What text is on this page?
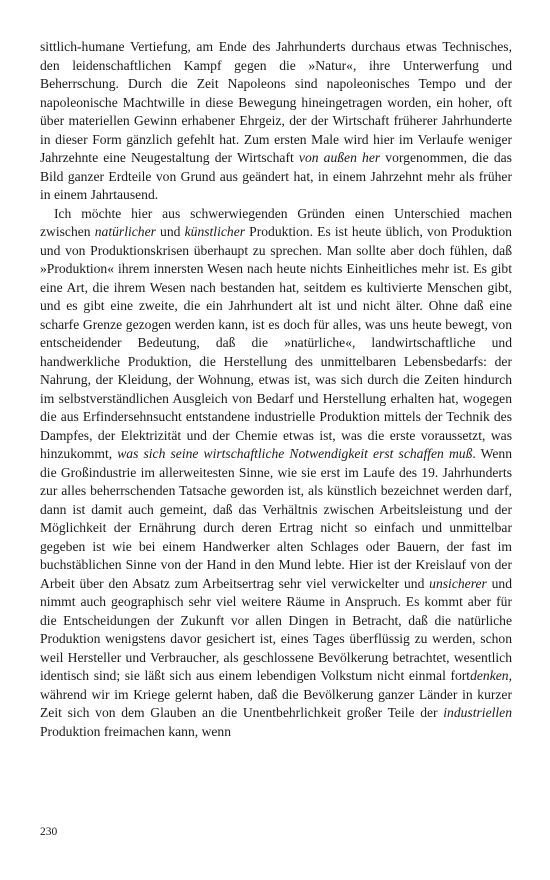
sittlich-humane Vertiefung, am Ende des Jahrhunderts durchaus etwas Technisches, den leidenschaftlichen Kampf gegen die »Natur«, ihre Unterwerfung und Beherrschung. Durch die Zeit Napoleons sind napoleonisches Tempo und der napoleonische Machtwille in diese Bewegung hineingetragen worden, ein hoher, oft über materiellen Gewinn erhabener Ehrgeiz, der der Wirtschaft früherer Jahrhunderte in dieser Form gänzlich gefehlt hat. Zum ersten Male wird hier im Verlaufe weniger Jahrzehnte eine Neugestaltung der Wirtschaft von außen her vorgenommen, die das Bild ganzer Erdteile von Grund aus geändert hat, in einem Jahrzehnt mehr als früher in einem Jahrtausend.

Ich möchte hier aus schwerwiegenden Gründen einen Unterschied machen zwischen natürlicher und künstlicher Produktion. Es ist heute üblich, von Produktion und von Produktionskrisen überhaupt zu sprechen. Man sollte aber doch fühlen, daß »Produktion« ihrem innersten Wesen nach heute nichts Einheitliches mehr ist. Es gibt eine Art, die ihrem Wesen nach bestanden hat, seitdem es kultivierte Menschen gibt, und es gibt eine zweite, die ein Jahrhundert alt ist und nicht älter. Ohne daß eine scharfe Grenze gezogen werden kann, ist es doch für alles, was uns heute bewegt, von entscheidender Bedeutung, daß die »natürliche«, landwirtschaftliche und handwerkliche Produktion, die Herstellung des unmittelbaren Lebensbedarfs: der Nahrung, der Kleidung, der Wohnung, etwas ist, was sich durch die Zeiten hindurch im selbstverständlichen Ausgleich von Bedarf und Herstellung erhalten hat, wogegen die aus Erfindersehnsucht entstandene industrielle Produktion mittels der Technik des Dampfes, der Elektrizität und der Chemie etwas ist, was die erste voraussetzt, was hinzukommt, was sich seine wirtschaftliche Notwendigkeit erst schaffen muß. Wenn die Großindustrie im allerweitesten Sinne, wie sie erst im Laufe des 19. Jahrhunderts zur alles beherrschenden Tatsache geworden ist, als künstlich bezeichnet werden darf, dann ist damit auch gemeint, daß das Verhältnis zwischen Arbeitsleistung und der Möglichkeit der Ernährung durch deren Ertrag nicht so einfach und unmittelbar gegeben ist wie bei einem Handwerker alten Schlages oder Bauern, der fast im buchstäblichen Sinne von der Hand in den Mund lebte. Hier ist der Kreislauf von der Arbeit über den Absatz zum Arbeitsertrag sehr viel verwickelter und unsicherer und nimmt auch geographisch sehr viel weitere Räume in Anspruch. Es kommt aber für die Entscheidungen der Zukunft vor allen Dingen in Betracht, daß die natürliche Produktion wenigstens davor gesichert ist, eines Tages überflüssig zu werden, schon weil Hersteller und Verbraucher, als geschlossene Bevölkerung betrachtet, wesentlich identisch sind; sie läßt sich aus einem lebendigen Volkstum nicht einmal fortdenken, während wir im Kriege gelernt haben, daß die Bevölkerung ganzer Länder in kurzer Zeit sich von dem Glauben an die Unentbehrlichkeit großer Teile der industriellen Produktion freimachen kann, wenn

230
